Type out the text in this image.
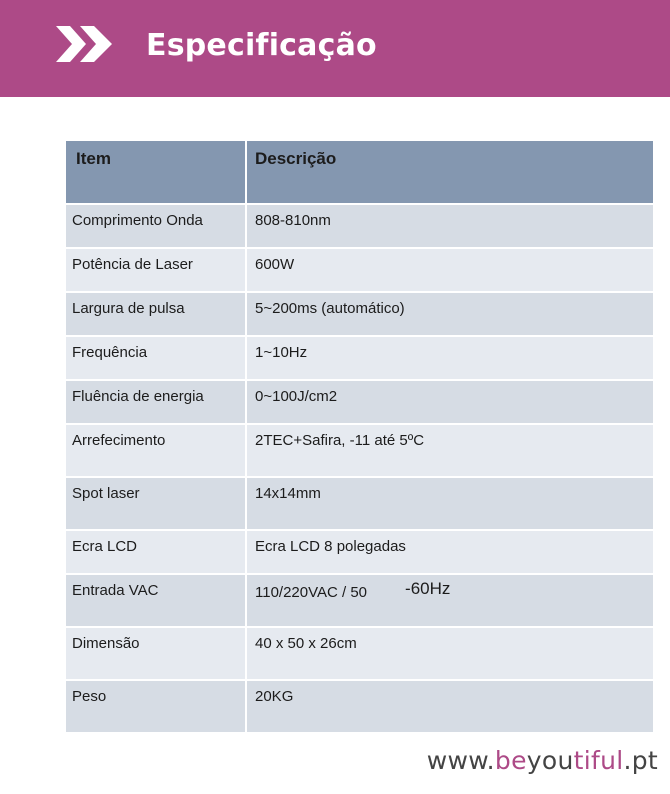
Especificação
Item	Descrição
Comprimento Onda	808-810nm
Potência de Laser	600W
Largura de pulsa	5~200ms (automático)
Frequência	1~10Hz
Fluência de energia	0~100J/cm2
Arrefecimento	2TEC+Safira, -11 até 5ºC
Spot laser	14x14mm
Ecra LCD	Ecra LCD 8 polegadas
Entrada VAC	110/220VAC / 50 -60Hz
Dimensão	40 x 50 x 26cm
Peso	20KG
www.beyoutiful.pt
